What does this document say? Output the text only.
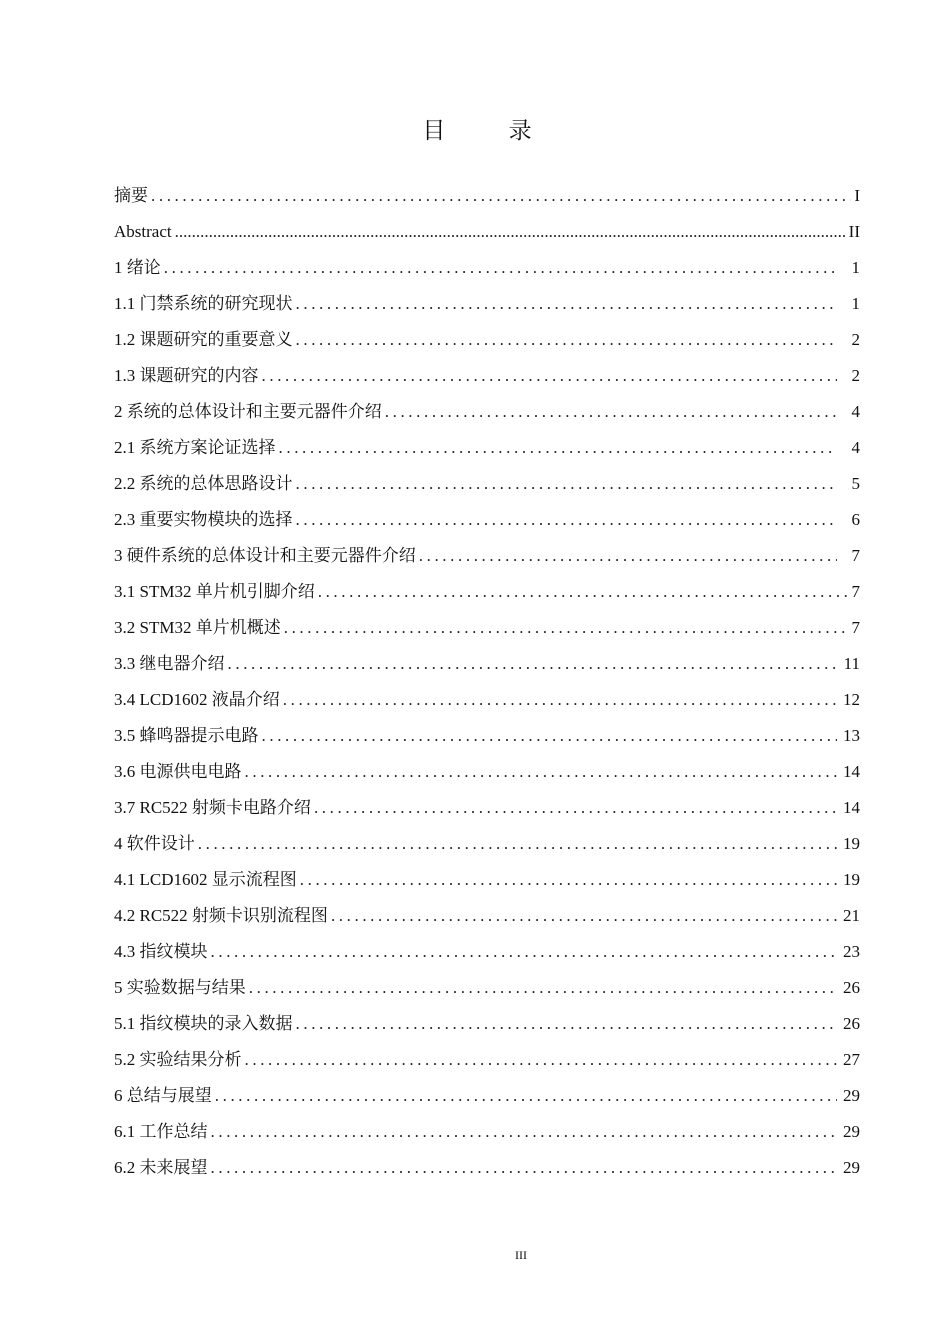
目 录
摘要 .....	I
Abstract .....	II
1 绪论 .....	1
1.1 门禁系统的研究现状 .....	1
1.2 课题研究的重要意义 .....	2
1.3 课题研究的内容 .....	2
2 系统的总体设计和主要元器件介绍 .....	4
2.1 系统方案论证选择 .....	4
2.2 系统的总体思路设计 .....	5
2.3 重要实物模块的选择 .....	6
3 硬件系统的总体设计和主要元器件介绍 .....	7
3.1 STM32 单片机引脚介绍 .....	7
3.2 STM32 单片机概述 .....	7
3.3 继电器介绍 .....	11
3.4 LCD1602 液晶介绍 .....	12
3.5 蜂鸣器提示电路 .....	13
3.6 电源供电电路 .....	14
3.7 RC522 射频卡电路介绍 .....	14
4 软件设计 .....	19
4.1 LCD1602 显示流程图 .....	19
4.2 RC522 射频卡识别流程图 .....	21
4.3 指纹模块 .....	23
5 实验数据与结果 .....	26
5.1 指纹模块的录入数据 .....	26
5.2 实验结果分析 .....	27
6 总结与展望 .....	29
6.1 工作总结 .....	29
6.2 未来展望 .....	29
III
